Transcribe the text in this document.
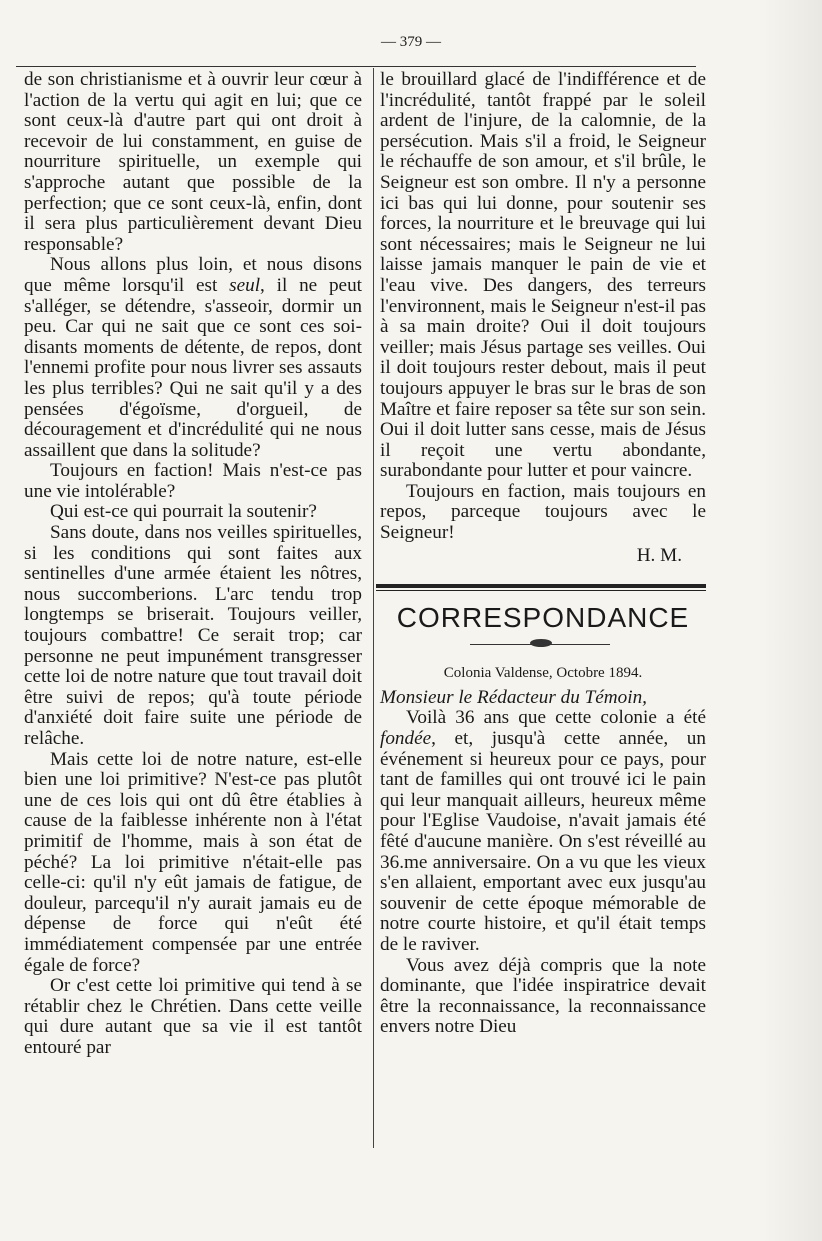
— 379 —

de son christianisme et à ouvrir leur cœur à l'action de la vertu qui agit en lui; que ce sont ceux-là d'autre part qui ont droit à recevoir de lui constamment, en guise de nourriture spirituelle, un exemple qui s'approche autant que possible de la perfection; que ce sont ceux-là, enfin, dont il sera plus particulièrement devant Dieu responsable?

Nous allons plus loin, et nous disons que même lorsqu'il est seul, il ne peut s'alléger, se détendre, s'asseoir, dormir un peu. Car qui ne sait que ce sont ces soi-disants moments de détente, de repos, dont l'ennemi profite pour nous livrer ses assauts les plus terribles? Qui ne sait qu'il y a des pensées d'égoïsme, d'orgueil, de découragement et d'incrédulité qui ne nous assaillent que dans la solitude?

Toujours en faction! Mais n'est-ce pas une vie intolérable?

Qui est-ce qui pourrait la soutenir?

Sans doute, dans nos veilles spirituelles, si les conditions qui sont faites aux sentinelles d'une armée étaient les nôtres, nous succomberions. L'arc tendu trop longtemps se briserait. Toujours veiller, toujours combattre! Ce serait trop; car personne ne peut impunément transgresser cette loi de notre nature que tout travail doit être suivi de repos; qu'à toute période d'anxiété doit faire suite une période de relâche.

Mais cette loi de notre nature, est-elle bien une loi primitive? N'est-ce pas plutôt une de ces lois qui ont dû être établies à cause de la faiblesse inhérente non à l'état primitif de l'homme, mais à son état de péché? La loi primitive n'était-elle pas celle-ci: qu'il n'y eût jamais de fatigue, de douleur, parcequ'il n'y aurait jamais eu de dépense de force qui n'eût été immédiatement compensée par une entrée égale de force?

Or c'est cette loi primitive qui tend à se rétablir chez le Chrétien. Dans cette veille qui dure autant que sa vie il est tantôt entouré par

le brouillard glacé de l'indifférence et de l'incrédulité, tantôt frappé par le soleil ardent de l'injure, de la calomnie, de la persécution. Mais s'il a froid, le Seigneur le réchauffe de son amour, et s'il brûle, le Seigneur est son ombre. Il n'y a personne ici bas qui lui donne, pour soutenir ses forces, la nourriture et le breuvage qui lui sont nécessaires; mais le Seigneur ne lui laisse jamais manquer le pain de vie et l'eau vive. Des dangers, des terreurs l'environnent, mais le Seigneur n'est-il pas à sa main droite? Oui il doit toujours veiller; mais Jésus partage ses veilles. Oui il doit toujours rester debout, mais il peut toujours appuyer le bras sur le bras de son Maître et faire reposer sa tête sur son sein. Oui il doit lutter sans cesse, mais de Jésus il reçoit une vertu abondante, surabondante pour lutter et pour vaincre.

Toujours en faction, mais toujours en repos, parceque toujours avec le Seigneur!

H. M.

CORRESPONDANCE

Colonia Valdense, Octobre 1894.

Monsieur le Rédacteur du Témoin,

Voilà 36 ans que cette colonie a été fondée, et, jusqu'à cette année, un événement si heureux pour ce pays, pour tant de familles qui ont trouvé ici le pain qui leur manquait ailleurs, heureux même pour l'Eglise Vaudoise, n'avait jamais été fêté d'aucune manière. On s'est réveillé au 36.me anniversaire. On a vu que les vieux s'en allaient, emportant avec eux jusqu'au souvenir de cette époque mémorable de notre courte histoire, et qu'il était temps de le raviver.

Vous avez déjà compris que la note dominante, que l'idée inspiratrice devait être la reconnaissance, la reconnaissance envers notre Dieu
